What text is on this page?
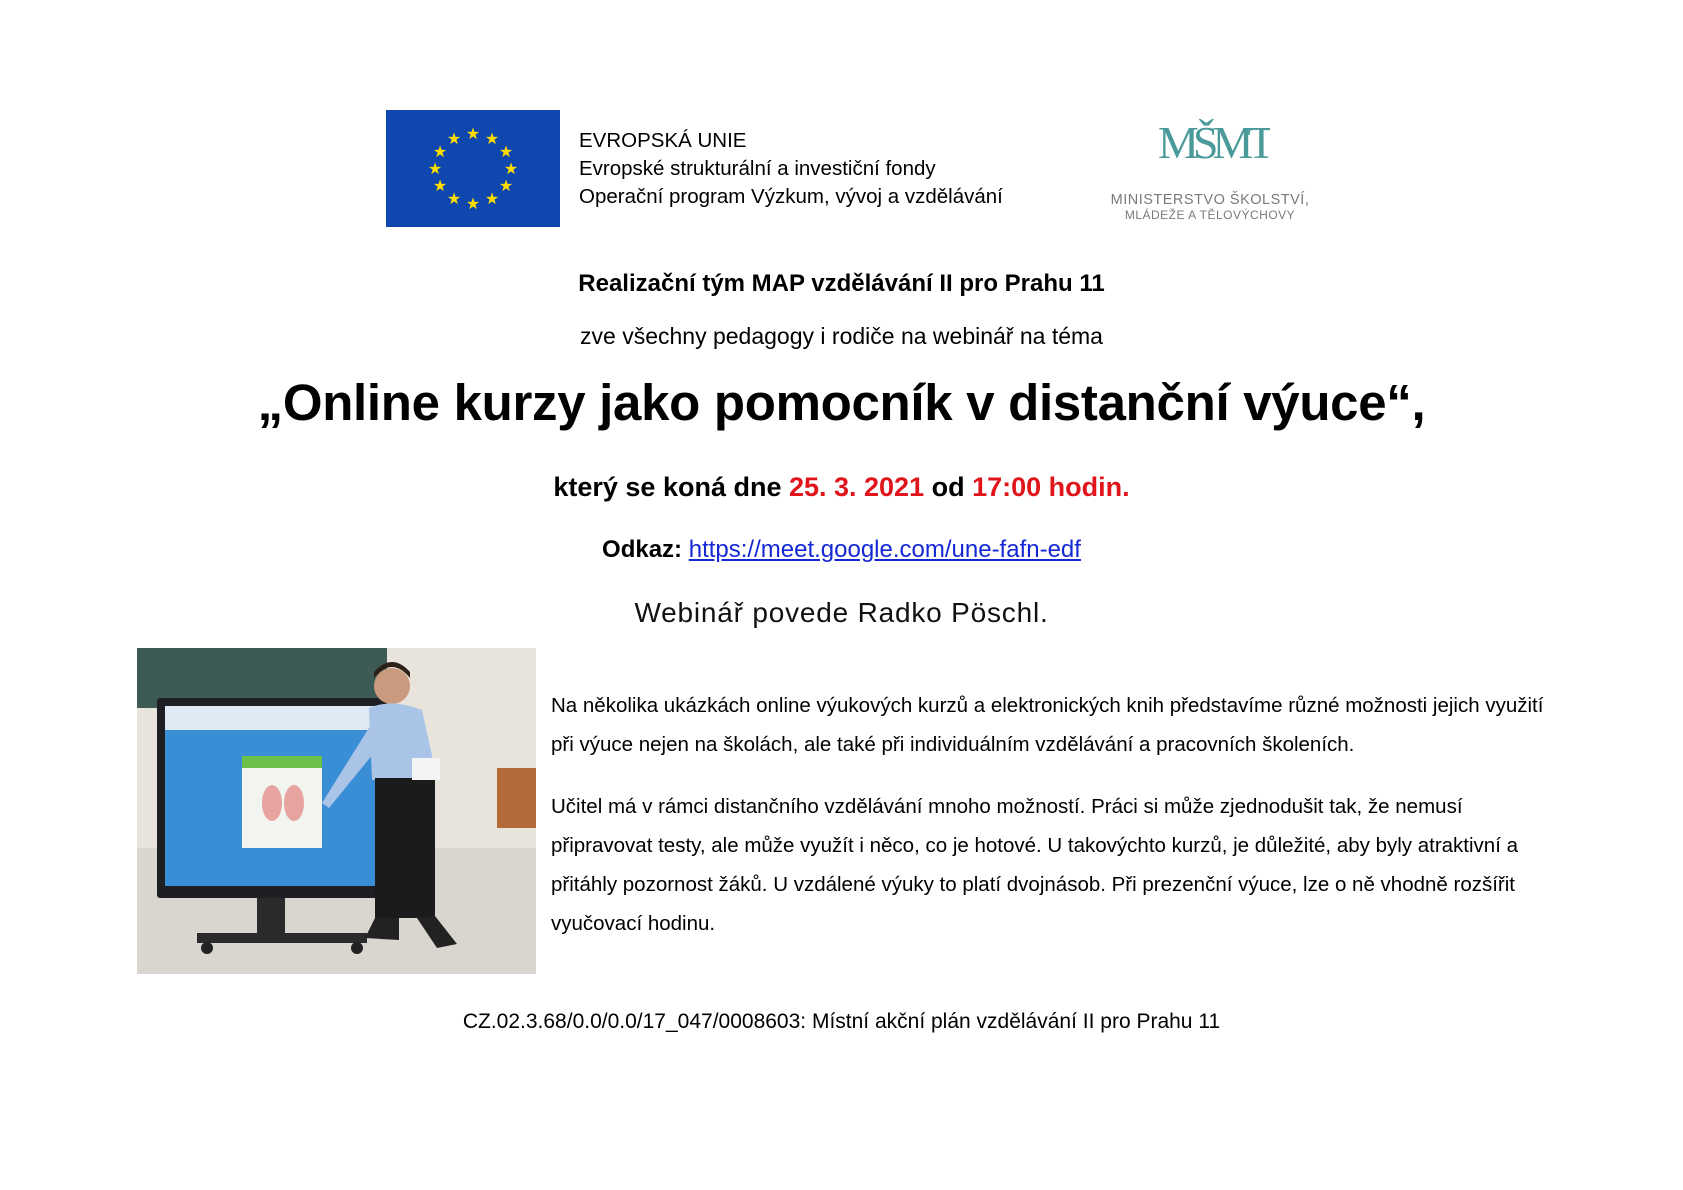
★ ★
★
★
★
★
★
★
★
★
★
★	EVROPSKÁ UNIE
Evropské strukturální a investiční fondy
Operační program Výzkum, vývoj a vzdělávání
MŠMT
MINISTERSTVO ŠKOLSTVÍ,
MLÁDEŽE A TĚLOVÝCHOVY
Realizační tým MAP vzdělávání II pro Prahu 11
zve všechny pedagogy i rodiče na webinář na téma
„Online kurzy jako pomocník v distanční výuce“,
který se koná dne 25. 3. 2021 od 17:00 hodin.
Odkaz: https://meet.google.com/une-fafn-edf
Webinář povede Radko Pöschl.

Na několika ukázkách online výukových kurzů a elektronických knih představíme různé možnosti jejich využití při výuce nejen na školách, ale také při individuálním vzdělávání a pracovních školeních.

Učitel má v rámci distančního vzdělávání mnoho možností. Práci si může zjednodušit tak, že nemusí připravovat testy, ale může využít i něco, co je hotové. U takovýchto kurzů, je důležité, aby byly atraktivní a přitáhly pozornost žáků. U vzdálené výuky to platí dvojnásob. Při prezenční výuce, lze o ně vhodně rozšířit vyučovací hodinu.

CZ.02.3.68/0.0/0.0/17_047/0008603: Místní akční plán vzdělávání II pro Prahu 11
